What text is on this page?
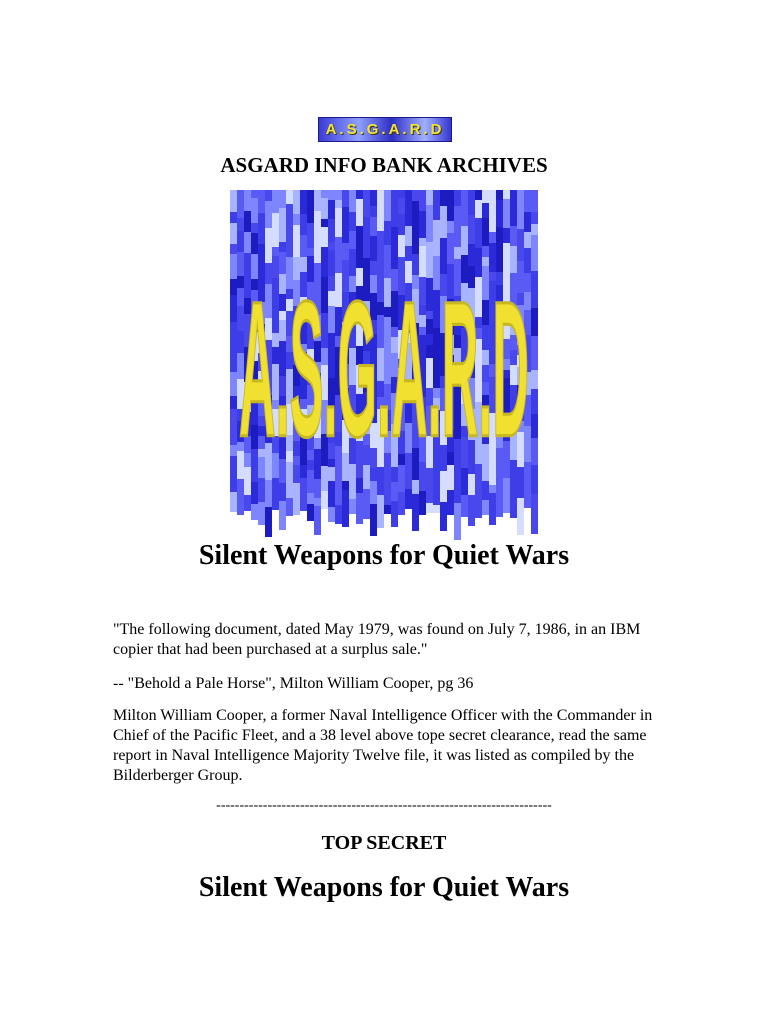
A.S.G.A.R.D
ASGARD INFO BANK ARCHIVES
A.S.G.A.R.D
Silent Weapons for Quiet Wars
"The following document, dated May 1979, was found on July 7, 1986, in an IBM copier that had been purchased at a surplus sale."
-- "Behold a Pale Horse", Milton William Cooper, pg 36
Milton William Cooper, a former Naval Intelligence Officer with the Commander in Chief of the Pacific Fleet, and a 38 level above tope secret clearance, read the same report in Naval Intelligence Majority Twelve file, it was listed as compiled by the Bilderberger Group.
------------------------------------------------------------------------
TOP SECRET
Silent Weapons for Quiet Wars
